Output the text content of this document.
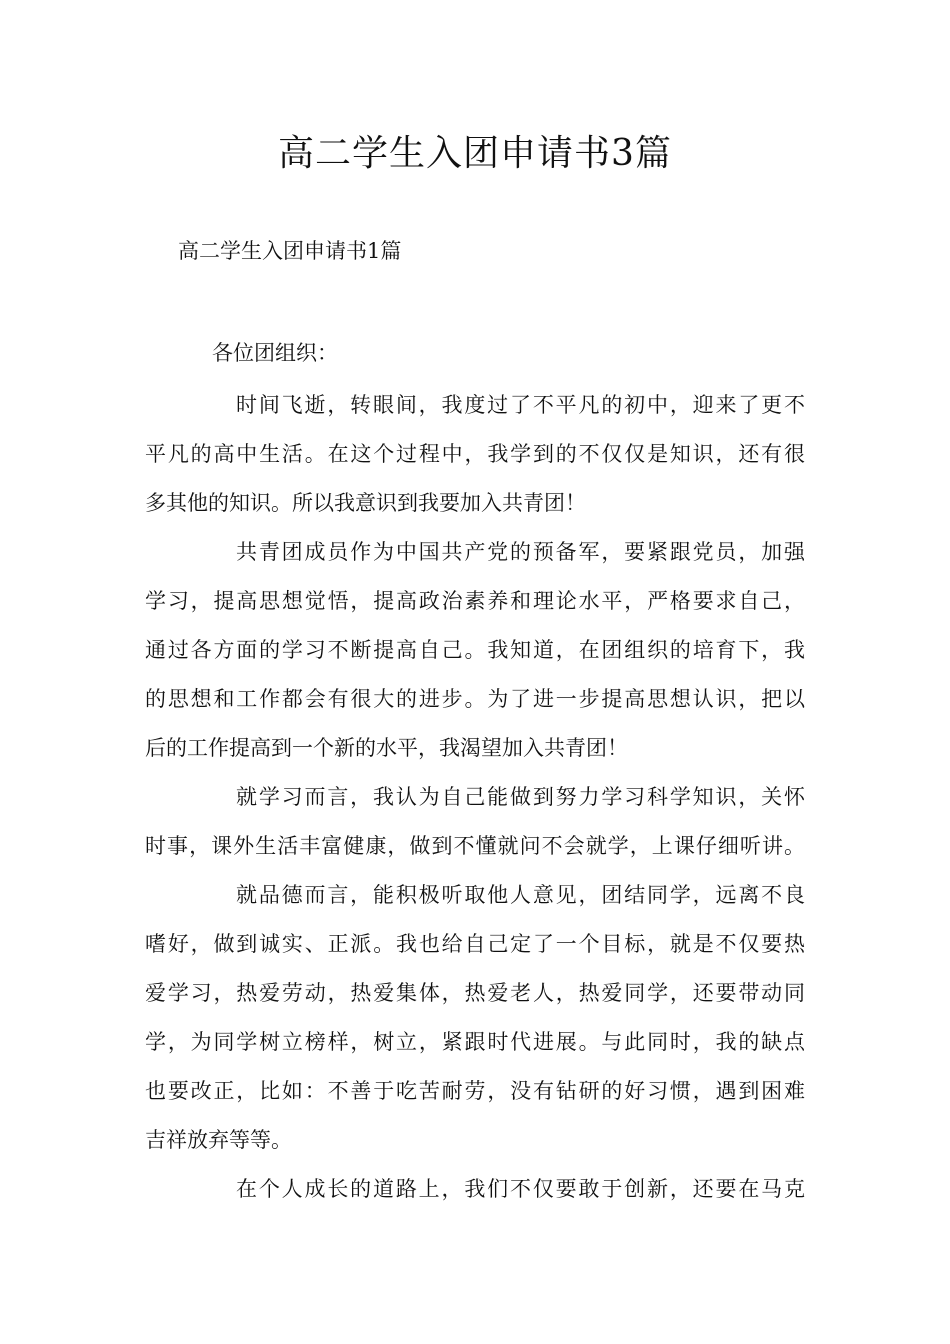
高二学生入团申请书3篇

高二学生入团申请书1篇

各位团组织：

时间飞逝，转眼间，我度过了不平凡的初中，迎来了更不
平凡的高中生活。在这个过程中，我学到的不仅仅是知识，还有很
多其他的知识。所以我意识到我要加入共青团！
共青团成员作为中国共产党的预备军，要紧跟党员，加强
学习，提高思想觉悟，提高政治素养和理论水平，严格要求自己，
通过各方面的学习不断提高自己。我知道，在团组织的培育下，我
的思想和工作都会有很大的进步。为了进一步提高思想认识，把以
后的工作提高到一个新的水平，我渴望加入共青团！
就学习而言，我认为自己能做到努力学习科学知识，关怀
时事，课外生活丰富健康，做到不懂就问不会就学，上课仔细听讲。
就品德而言，能积极听取他人意见，团结同学，远离不良
嗜好，做到诚实、正派。我也给自己定了一个目标，就是不仅要热
爱学习，热爱劳动，热爱集体，热爱老人，热爱同学，还要带动同
学，为同学树立榜样，树立，紧跟时代进展。与此同时，我的缺点
也要改正，比如：不善于吃苦耐劳，没有钻研的好习惯，遇到困难
吉祥放弃等等。
在个人成长的道路上，我们不仅要敢于创新，还要在马克
